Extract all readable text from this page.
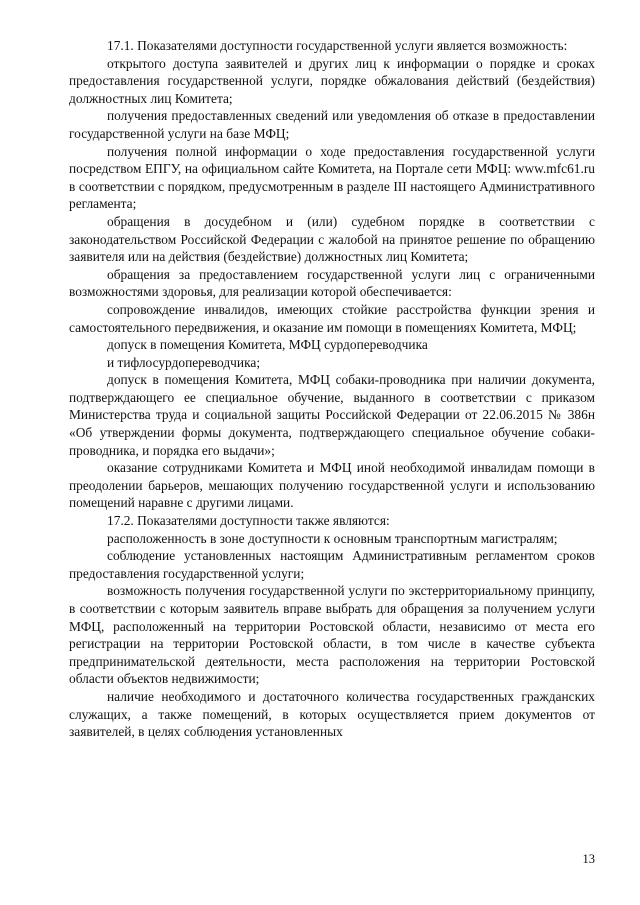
17.1. Показателями доступности государственной услуги является возможность:

открытого доступа заявителей и других лиц к информации о порядке и сроках предоставления государственной услуги, порядке обжалования действий (бездействия) должностных лиц Комитета;

получения предоставленных сведений или уведомления об отказе в предоставлении государственной услуги на базе МФЦ;

получения полной информации о ходе предоставления государственной услуги посредством ЕПГУ, на официальном сайте Комитета, на Портале сети МФЦ: www.mfc61.ru в соответствии с порядком, предусмотренным в разделе III настоящего Административного регламента;

обращения в досудебном и (или) судебном порядке в соответствии с законодательством Российской Федерации с жалобой на принятое решение по обращению заявителя или на действия (бездействие) должностных лиц Комитета;

обращения за предоставлением государственной услуги лиц с ограниченными возможностями здоровья, для реализации которой обеспечивается:

сопровождение инвалидов, имеющих стойкие расстройства функции зрения и самостоятельного передвижения, и оказание им помощи в помещениях Комитета, МФЦ;

допуск в помещения Комитета, МФЦ сурдопереводчика

и тифлосурдопереводчика;

допуск в помещения Комитета, МФЦ собаки-проводника при наличии документа, подтверждающего ее специальное обучение, выданного в соответствии с приказом Министерства труда и социальной защиты Российской Федерации от 22.06.2015 № 386н «Об утверждении формы документа, подтверждающего специальное обучение собаки-проводника, и порядка его выдачи»;

оказание сотрудниками Комитета и МФЦ иной необходимой инвалидам помощи в преодолении барьеров, мешающих получению государственной услуги и использованию помещений наравне с другими лицами.

17.2. Показателями доступности также являются:

расположенность в зоне доступности к основным транспортным магистралям;

соблюдение установленных настоящим Административным регламентом сроков предоставления государственной услуги;

возможность получения государственной услуги по экстерриториальному принципу, в соответствии с которым заявитель вправе выбрать для обращения за получением услуги МФЦ, расположенный на территории Ростовской области, независимо от места его регистрации на территории Ростовской области, в том числе в качестве субъекта предпринимательской деятельности, места расположения на территории Ростовской области объектов недвижимости;

наличие необходимого и достаточного количества государственных гражданских служащих, а также помещений, в которых осуществляется прием документов от заявителей, в целях соблюдения установленных

13
